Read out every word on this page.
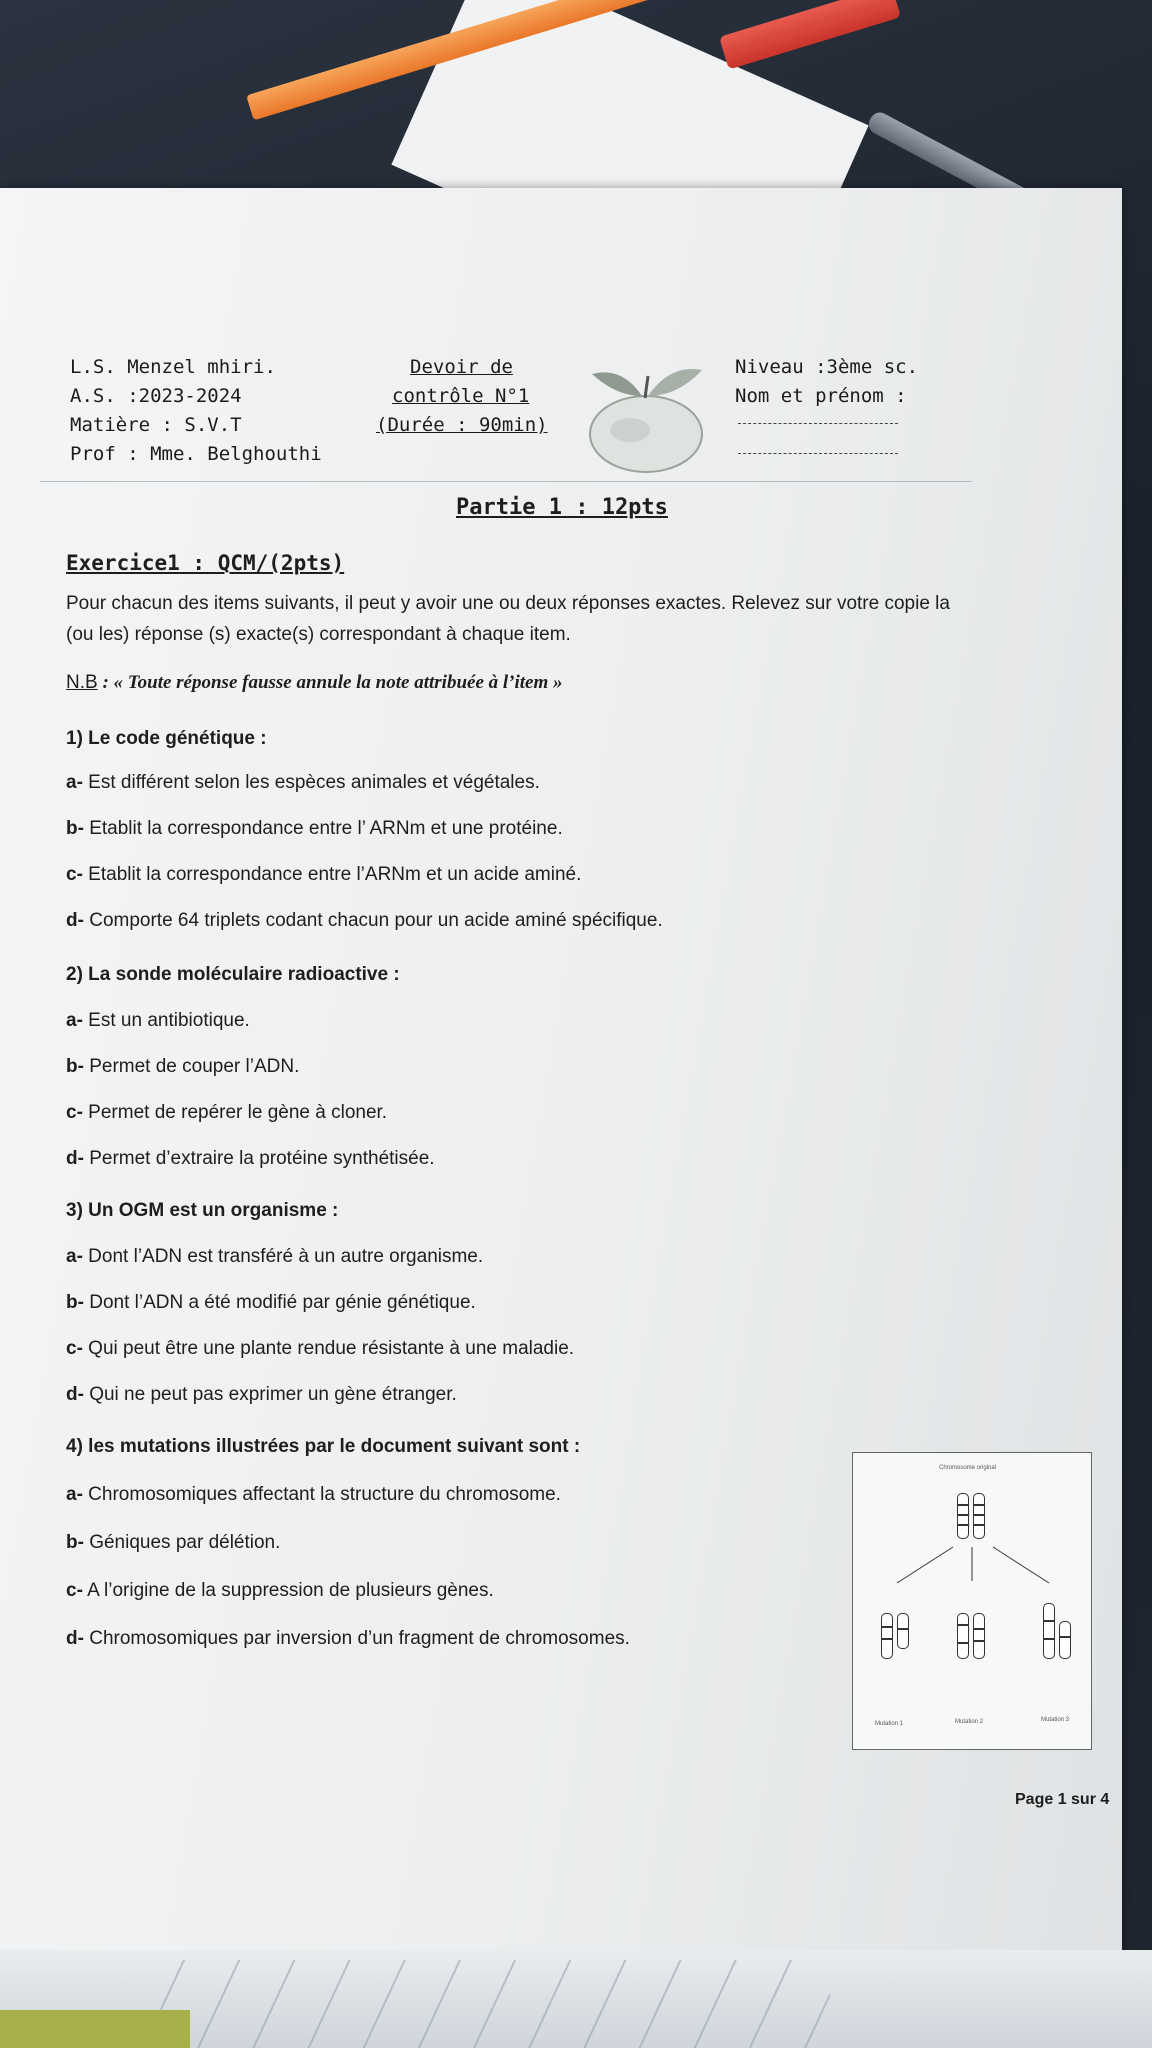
L.S. Menzel mhiri.
A.S. :2023-2024
Matière : S.V.T
Prof : Mme. Belghouthi
Devoir de
contrôle N°1
(Durée : 90min)
Niveau :3ème sc.
Nom et prénom :
Partie 1 : 12pts
Exercice1 : QCM/(2pts)
Pour chacun des items suivants, il peut y avoir une ou deux réponses exactes. Relevez sur votre copie la
(ou les) réponse (s) exacte(s) correspondant à chaque item.
N.B : « Toute réponse fausse annule la note attribuée à l’item »
1) Le code génétique :
a- Est différent selon les espèces animales et végétales.
b- Etablit la correspondance entre l’ ARNm et une protéine.
c- Etablit la correspondance entre l’ARNm et un acide aminé.
d- Comporte 64 triplets codant chacun pour un acide aminé spécifique.
2) La sonde moléculaire radioactive :
a- Est un antibiotique.
b- Permet de couper l’ADN.
c- Permet de repérer le gène à cloner.
d- Permet d’extraire la protéine synthétisée.
3) Un OGM est un organisme :
a- Dont l’ADN est transféré à un autre organisme.
b- Dont l’ADN a été modifié par génie génétique.
c- Qui peut être une plante rendue résistante à une maladie.
d- Qui ne peut pas exprimer un gène étranger.
4) les mutations illustrées par le document suivant sont :
a- Chromosomiques affectant la structure du chromosome.
b- Géniques par délétion.
c- A l’origine de la suppression de plusieurs gènes.
d- Chromosomiques par inversion d’un fragment de chromosomes.
Chromosome original
Mutation 1	Mutation 2	Mutation 3
Page 1 sur 4
